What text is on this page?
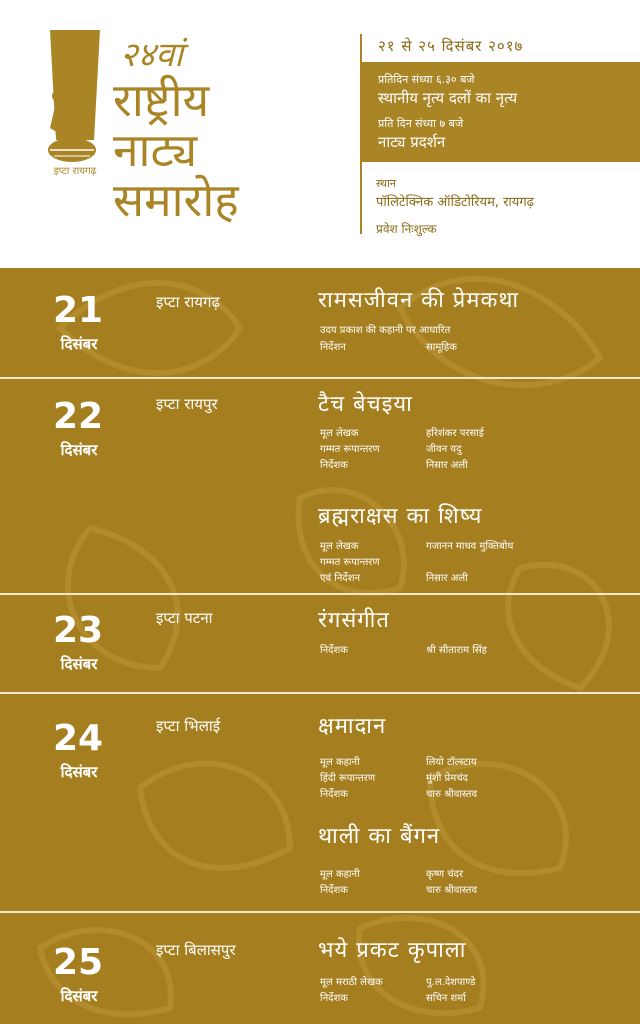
इप्टा रायगढ़
२४वां
राष्ट्रीय
नाट्य
समारोह
२१ से २५ दिसंबर २०१७
प्रतिदिन संध्या ६.३० बजे
स्थानीय नृत्य दलों का नृत्य
प्रति दिन संध्या ७ बजे
नाट्य प्रदर्शन
स्थान
पॉलिटेक्निक ऑडिटोरियम, रायगढ़
प्रवेश निःशुल्क
21
दिसंबर
इप्टा रायगढ़	रामसजीवन की प्रेमकथा
उदय प्रकाश की कहानी पर आधारित
निर्देशन	सामूहिक
22
दिसंबर
इप्टा रायपुर	टैच बेचइया
मूल लेखक	हरिशंकर परसाई
गम्मत रूपान्तरण	जीवन यदु
निर्देशक	निसार अली
ब्रह्मराक्षस का शिष्य
मूल लेखक	गजानन माधव मुक्तिबोध
गम्मत रूपान्तरण
एवं निर्देशन	निसार अली
23
दिसंबर
इप्टा पटना	रंगसंगीत
निर्देशक	श्री सीताराम सिंह
24
दिसंबर
इप्टा भिलाई	क्षमादान
मूल कहानी	लियो टॉल्स्टाय
हिंदी रूपान्तरण	मुंशी प्रेमचंद
निर्देशक	चारु श्रीवास्तव
थाली का बैंगन
मूल कहानी	कृष्ण चंदर
निर्देशक	चारु श्रीवास्तव
25
दिसंबर
इप्टा बिलासपुर	भये प्रकट कृपाला
मूल मराठी लेखक	पु.ल.देशपाण्डे
निर्देशक	सचिन शर्मा
